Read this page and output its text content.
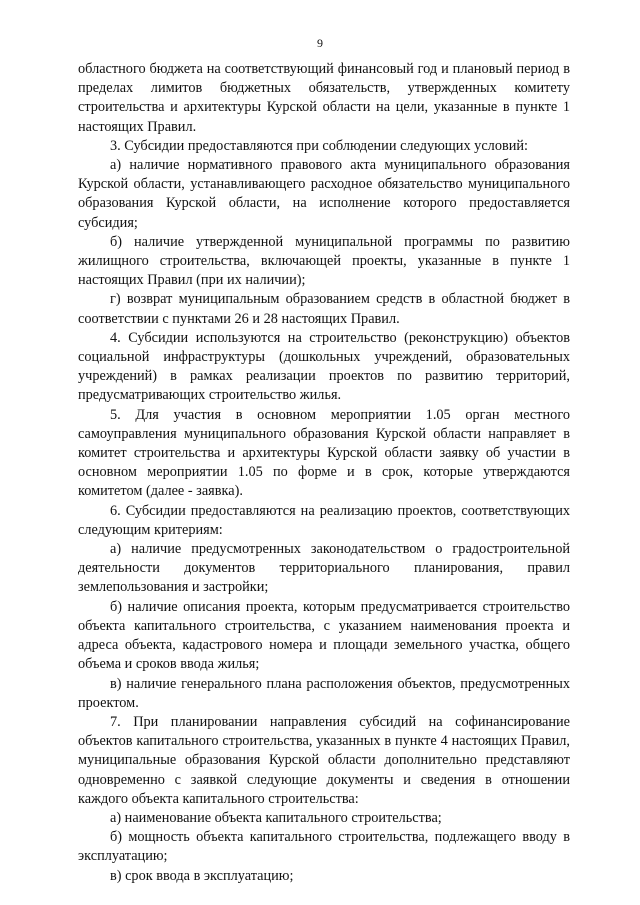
9

областного бюджета на соответствующий финансовый год и плановый период в пределах лимитов бюджетных обязательств, утвержденных комитету строительства и архитектуры Курской области на цели, указанные в пункте 1 настоящих Правил.

3. Субсидии предоставляются при соблюдении следующих условий:

а) наличие нормативного правового акта муниципального образования Курской области, устанавливающего расходное обязательство муниципального образования Курской области, на исполнение которого предоставляется субсидия;

б) наличие утвержденной муниципальной программы по развитию жилищного строительства, включающей проекты, указанные в пункте 1 настоящих Правил (при их наличии);

г) возврат муниципальным образованием средств в областной бюджет в соответствии с пунктами 26 и 28 настоящих Правил.

4. Субсидии используются на строительство (реконструкцию) объектов социальной инфраструктуры (дошкольных учреждений, образовательных учреждений) в рамках реализации проектов по развитию территорий, предусматривающих строительство жилья.

5. Для участия в основном мероприятии 1.05 орган местного самоуправления муниципального образования Курской области направляет в комитет строительства и архитектуры Курской области заявку об участии в основном мероприятии 1.05 по форме и в срок, которые утверждаются комитетом (далее - заявка).

6. Субсидии предоставляются на реализацию проектов, соответствующих следующим критериям:

а) наличие предусмотренных законодательством о градостроительной деятельности документов территориального планирования, правил землепользования и застройки;

б) наличие описания проекта, которым предусматривается строительство объекта капитального строительства, с указанием наименования проекта и адреса объекта, кадастрового номера и площади земельного участка, общего объема и сроков ввода жилья;

в) наличие генерального плана расположения объектов, предусмотренных проектом.

7. При планировании направления субсидий на софинансирование объектов капитального строительства, указанных в пункте 4 настоящих Правил, муниципальные образования Курской области дополнительно представляют одновременно с заявкой следующие документы и сведения в отношении каждого объекта капитального строительства:

а) наименование объекта капитального строительства;

б) мощность объекта капитального строительства, подлежащего вводу в эксплуатацию;

в) срок ввода в эксплуатацию;
